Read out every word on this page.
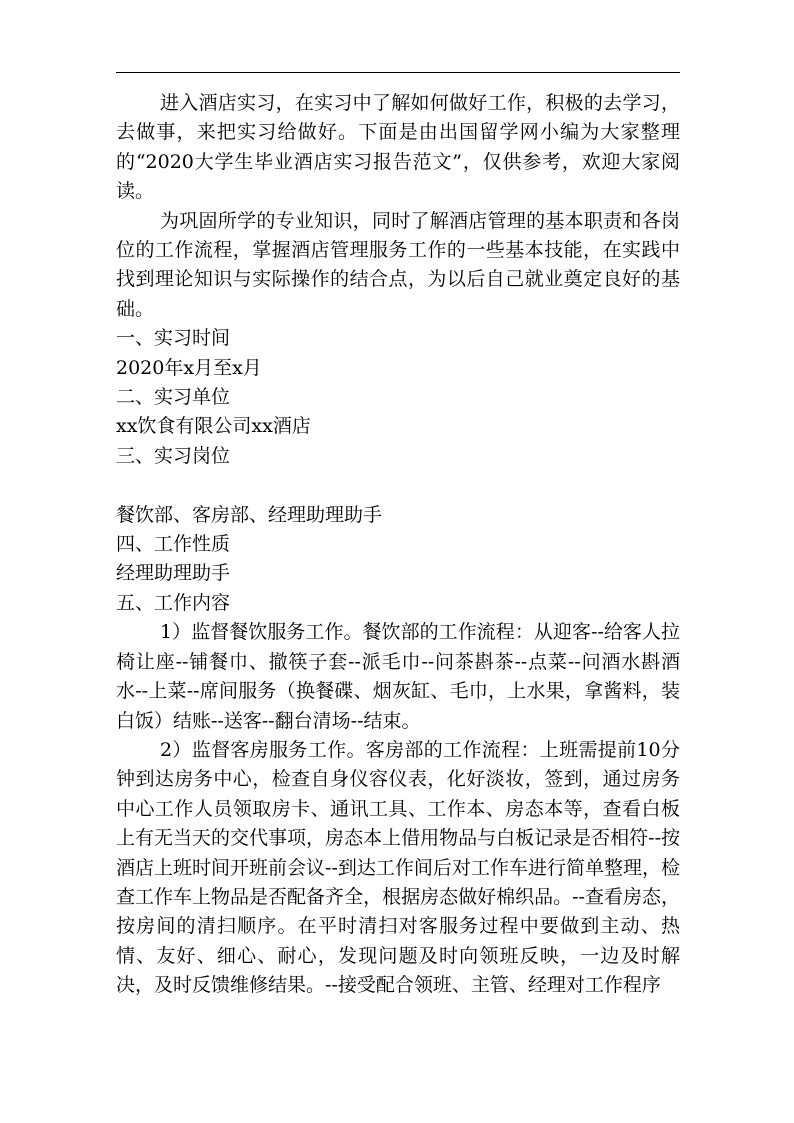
进入酒店实习，在实习中了解如何做好工作，积极的去学习，去做事，来把实习给做好。下面是由出国留学网小编为大家整理的“2020大学生毕业酒店实习报告范文”，仅供参考，欢迎大家阅读。

为巩固所学的专业知识，同时了解酒店管理的基本职责和各岗位的工作流程，掌握酒店管理服务工作的一些基本技能，在实践中找到理论知识与实际操作的结合点，为以后自己就业奠定良好的基础。

一、实习时间

2020年x月至x月

二、实习单位

xx饮食有限公司xx酒店

三、实习岗位

餐饮部、客房部、经理助理助手

四、工作性质

经理助理助手

五、工作内容

1）监督餐饮服务工作。餐饮部的工作流程：从迎客--给客人拉椅让座--铺餐巾、撤筷子套--派毛巾--问茶斟茶--点菜--问酒水斟酒水--上菜--席间服务（换餐碟、烟灰缸、毛巾，上水果，拿酱料，装白饭）结账--送客--翻台清场--结束。

2）监督客房服务工作。客房部的工作流程：上班需提前10分钟到达房务中心，检查自身仪容仪表，化好淡妆，签到，通过房务中心工作人员领取房卡、通讯工具、工作本、房态本等，查看白板上有无当天的交代事项，房态本上借用物品与白板记录是否相符--按酒店上班时间开班前会议--到达工作间后对工作车进行简单整理，检查工作车上物品是否配备齐全，根据房态做好棉织品。--查看房态，按房间的清扫顺序。在平时清扫对客服务过程中要做到主动、热情、友好、细心、耐心，发现问题及时向领班反映，一边及时解决，及时反馈维修结果。--接受配合领班、主管、经理对工作程序
